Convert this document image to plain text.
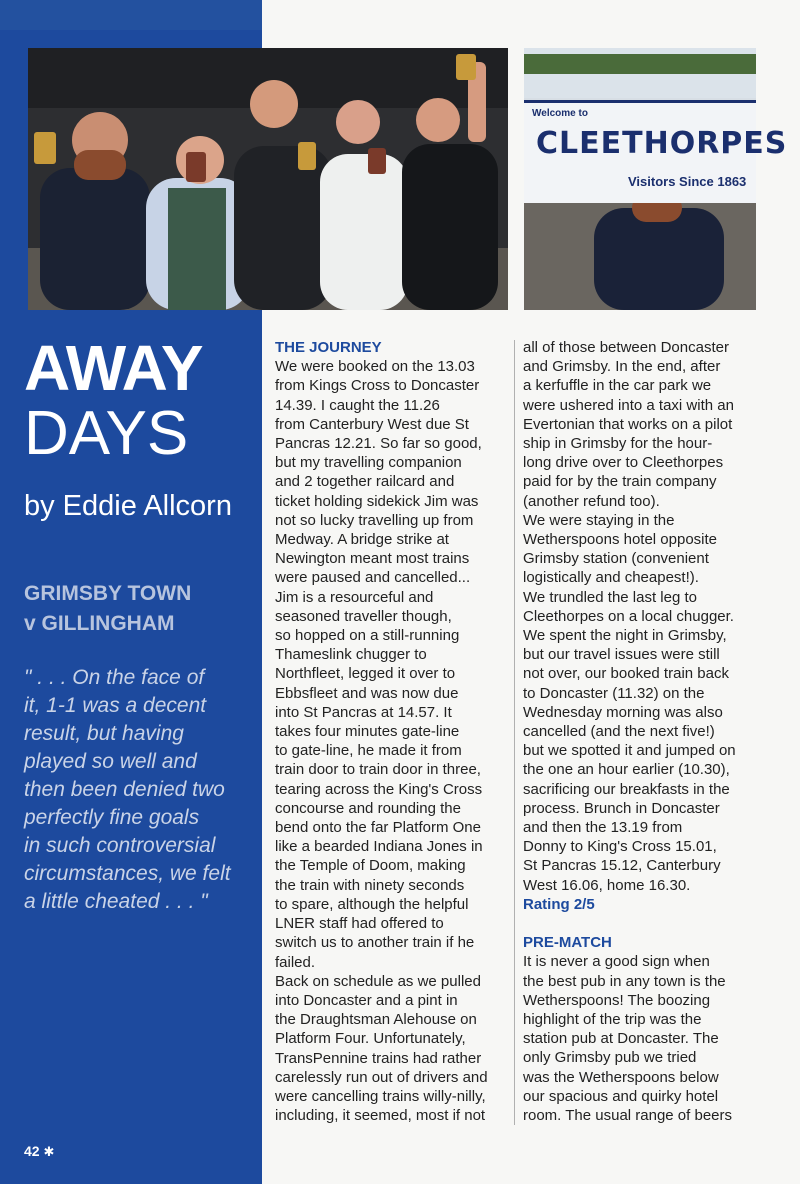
Welcome to
CLEETHORPES
Visitors Since 1863
AWAY
DAYS
by Eddie Allcorn
GRIMSBY TOWN
v GILLINGHAM
" . . . On the face of
it, 1-1 was a decent
result, but having
played so well and
then been denied two
perfectly fine goals
in such controversial
circumstances, we felt
a little cheated . . . "
42 ✱
THE JOURNEY
We were booked on the 13.03
from Kings Cross to Doncaster
14.39. I caught the 11.26
from Canterbury West due St
Pancras 12.21. So far so good,
but my travelling companion
and 2 together railcard and
ticket holding sidekick Jim was
not so lucky travelling up from
Medway. A bridge strike at
Newington meant most trains
were paused and cancelled...
Jim is a resourceful and
seasoned traveller though,
so hopped on a still-running
Thameslink chugger to
Northfleet, legged it over to
Ebbsfleet and was now due
into St Pancras at 14.57. It
takes four minutes gate-line
to gate-line, he made it from
train door to train door in three,
tearing across the King's Cross
concourse and rounding the
bend onto the far Platform One
like a bearded Indiana Jones in
the Temple of Doom, making
the train with ninety seconds
to spare, although the helpful
LNER staff had offered to
switch us to another train if he
failed.
Back on schedule as we pulled
into Doncaster and a pint in
the Draughtsman Alehouse on
Platform Four. Unfortunately,
TransPennine trains had rather
carelessly run out of drivers and
were cancelling trains willy-nilly,
including, it seemed, most if not
all of those between Doncaster
and Grimsby. In the end, after
a kerfuffle in the car park we
were ushered into a taxi with an
Evertonian that works on a pilot
ship in Grimsby for the hour-
long drive over to Cleethorpes
paid for by the train company
(another refund too).
We were staying in the
Wetherspoons hotel opposite
Grimsby station (convenient
logistically and cheapest!).
We trundled the last leg to
Cleethorpes on a local chugger.
We spent the night in Grimsby,
but our travel issues were still
not over, our booked train back
to Doncaster (11.32) on the
Wednesday morning was also
cancelled (and the next five!)
but we spotted it and jumped on
the one an hour earlier (10.30),
sacrificing our breakfasts in the
process. Brunch in Doncaster
and then the 13.19 from
Donny to King's Cross 15.01,
St Pancras 15.12, Canterbury
West 16.06, home 16.30.
Rating 2/5
PRE-MATCH
It is never a good sign when
the best pub in any town is the
Wetherspoons! The boozing
highlight of the trip was the
station pub at Doncaster. The
only Grimsby pub we tried
was the Wetherspoons below
our spacious and quirky hotel
room. The usual range of beers
